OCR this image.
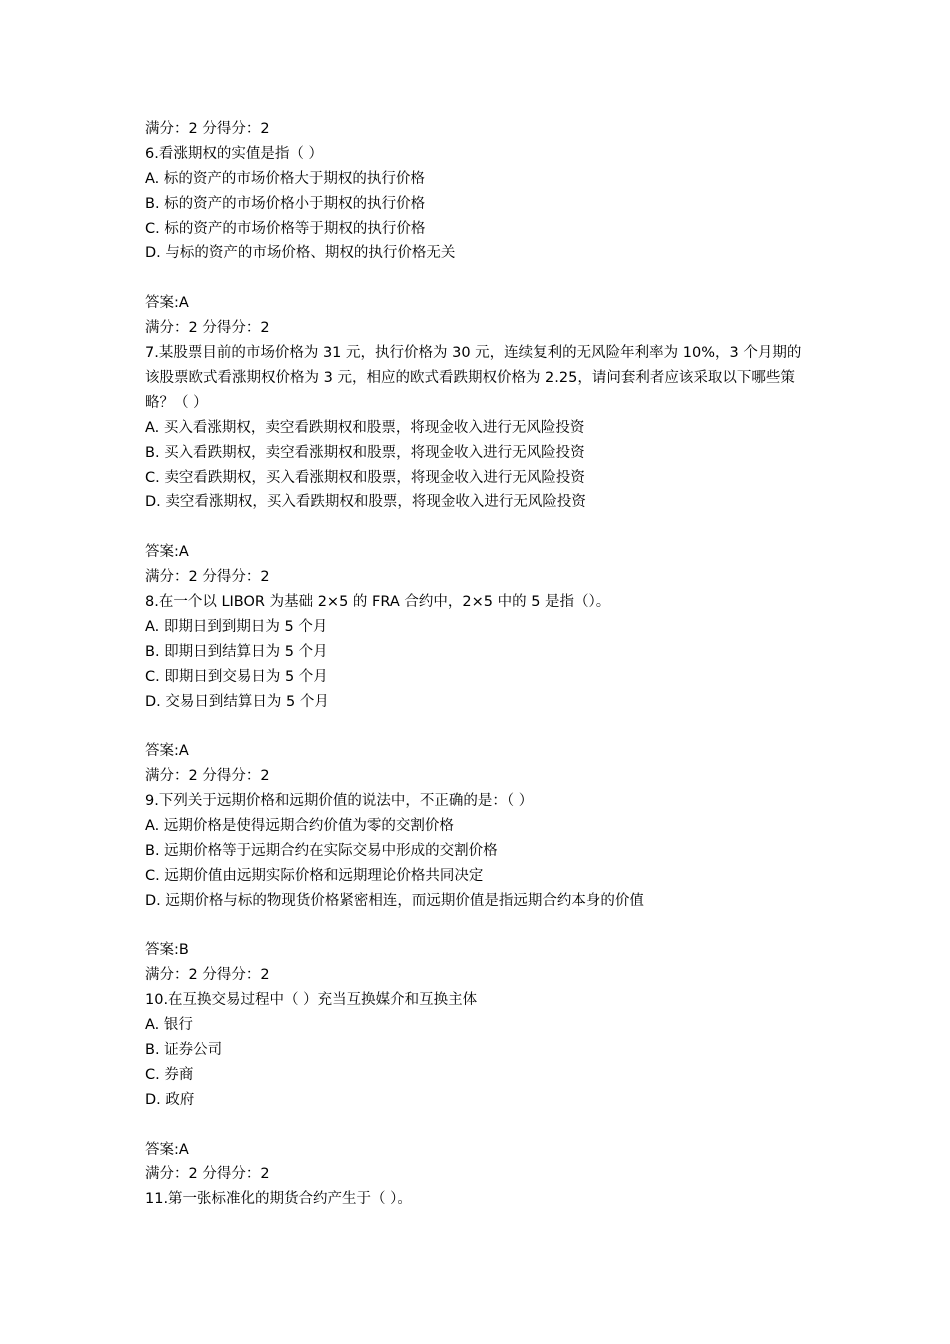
满分：2 分得分：2
6.看涨期权的实值是指（ ）
A. 标的资产的市场价格大于期权的执行价格
B. 标的资产的市场价格小于期权的执行价格
C. 标的资产的市场价格等于期权的执行价格
D. 与标的资产的市场价格、期权的执行价格无关
答案:A
满分：2 分得分：2
7.某股票目前的市场价格为 31 元，执行价格为 30 元，连续复利的无风险年利率为 10%，3 个月期的该股票欧式看涨期权价格为 3 元，相应的欧式看跌期权价格为 2.25，请问套利者应该采取以下哪些策略？（ ）
A. 买入看涨期权，卖空看跌期权和股票，将现金收入进行无风险投资
B. 买入看跌期权，卖空看涨期权和股票，将现金收入进行无风险投资
C. 卖空看跌期权，买入看涨期权和股票，将现金收入进行无风险投资
D. 卖空看涨期权，买入看跌期权和股票，将现金收入进行无风险投资
答案:A
满分：2 分得分：2
8.在一个以 LIBOR 为基础 2×5 的 FRA 合约中，2×5 中的 5 是指（）。
A. 即期日到到期日为 5 个月
B. 即期日到结算日为 5 个月
C. 即期日到交易日为 5 个月
D. 交易日到结算日为 5 个月
答案:A
满分：2 分得分：2
9.下列关于远期价格和远期价值的说法中，不正确的是：（ ）
A. 远期价格是使得远期合约价值为零的交割价格
B. 远期价格等于远期合约在实际交易中形成的交割价格
C. 远期价值由远期实际价格和远期理论价格共同决定
D. 远期价格与标的物现货价格紧密相连，而远期价值是指远期合约本身的价值
答案:B
满分：2 分得分：2
10.在互换交易过程中（ ）充当互换媒介和互换主体
A. 银行
B. 证券公司
C. 券商
D. 政府
答案:A
满分：2 分得分：2
11.第一张标准化的期货合约产生于（ ）。
